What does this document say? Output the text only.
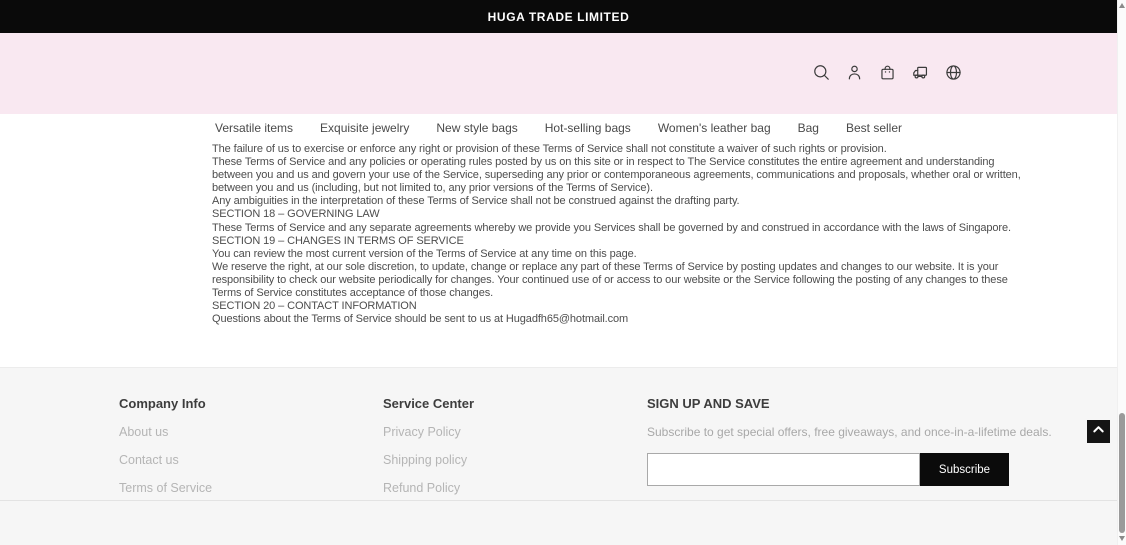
HUGA TRADE LIMITED
Versatile items Exquisite jewelry New style bags Hot-selling bags Women's leather bag Bag Best seller
The failure of us to exercise or enforce any right or provision of these Terms of Service shall not constitute a waiver of such rights or provision.
These Terms of Service and any policies or operating rules posted by us on this site or in respect to The Service constitutes the entire agreement and understanding
between you and us and govern your use of the Service, superseding any prior or contemporaneous agreements, communications and proposals, whether oral or written,
between you and us (including, but not limited to, any prior versions of the Terms of Service).
Any ambiguities in the interpretation of these Terms of Service shall not be construed against the drafting party.
SECTION 18 – GOVERNING LAW
These Terms of Service and any separate agreements whereby we provide you Services shall be governed by and construed in accordance with the laws of Singapore.
SECTION 19 – CHANGES IN TERMS OF SERVICE
You can review the most current version of the Terms of Service at any time on this page.
We reserve the right, at our sole discretion, to update, change or replace any part of these Terms of Service by posting updates and changes to our website. It is your
responsibility to check our website periodically for changes. Your continued use of or access to our website or the Service following the posting of any changes to these
Terms of Service constitutes acceptance of those changes.
SECTION 20 – CONTACT INFORMATION
Questions about the Terms of Service should be sent to us at Hugadfh65@hotmail.com
Company Info
About us
Contact us
Terms of Service
Service Center
Privacy Policy
Shipping policy
Refund Policy
SIGN UP AND SAVE
Subscribe to get special offers, free giveaways, and once-in-a-lifetime deals.
Subscribe
